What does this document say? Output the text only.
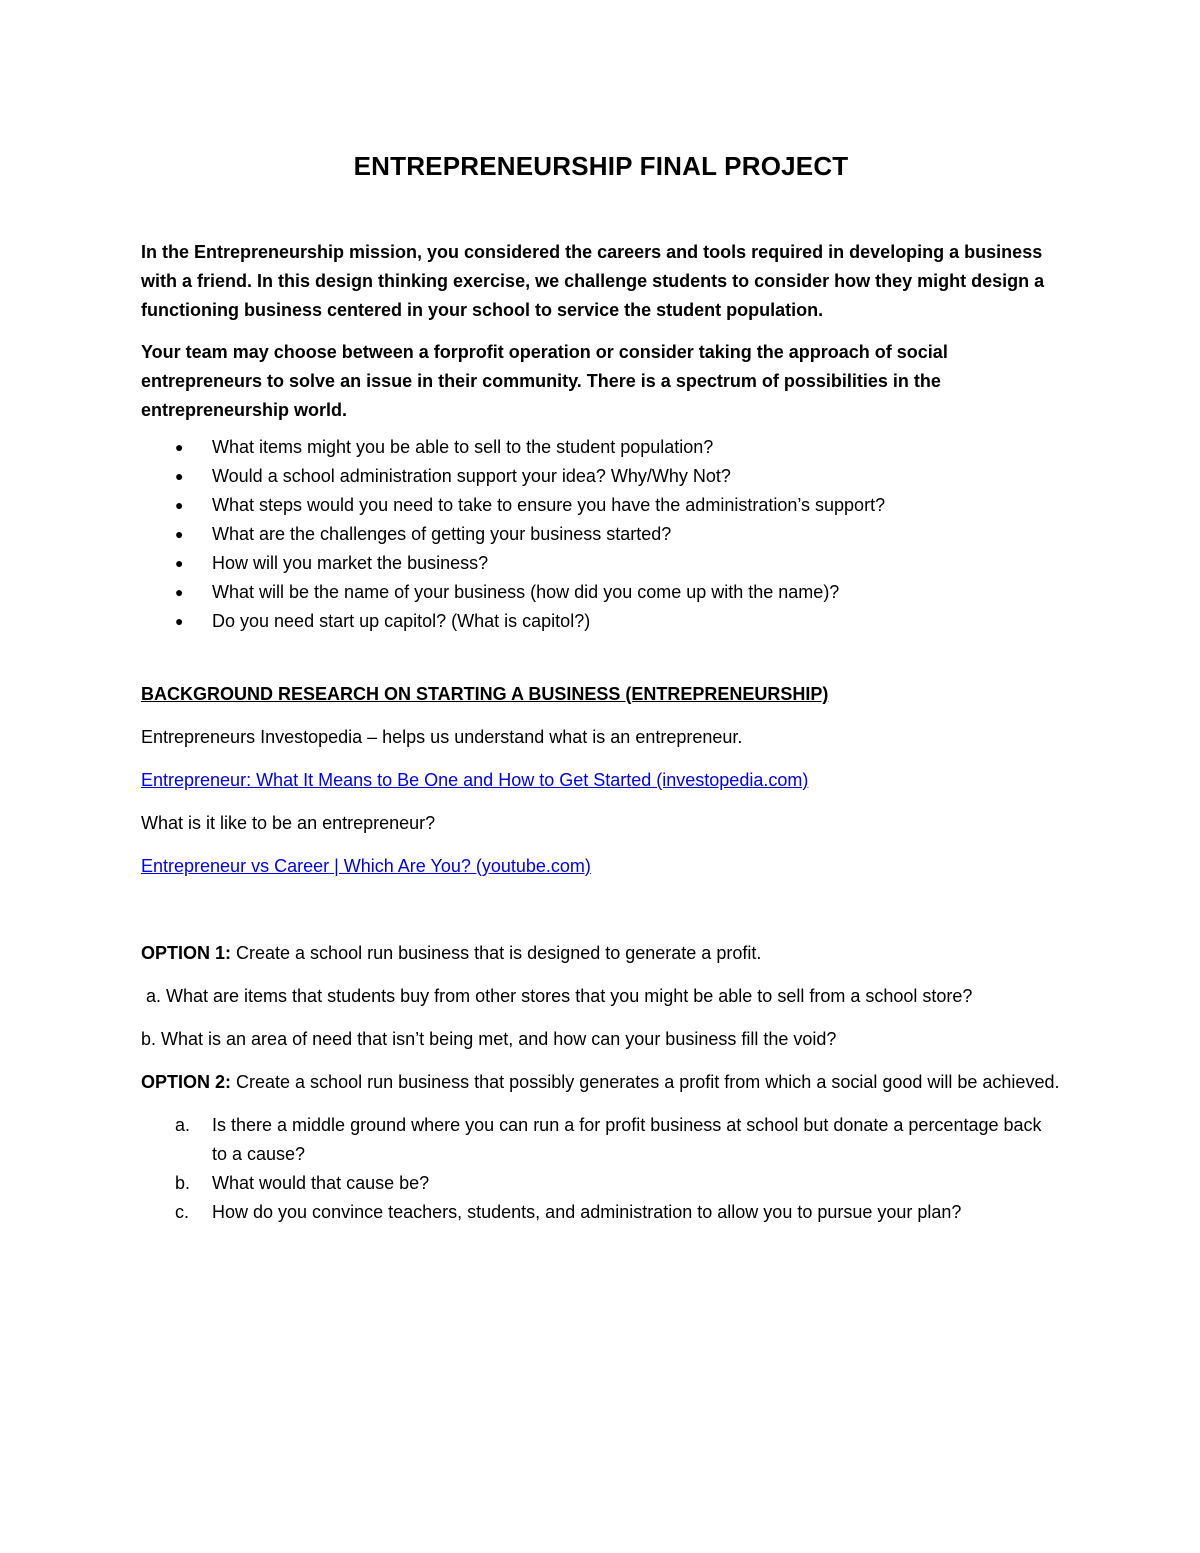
ENTREPRENEURSHIP FINAL PROJECT

In the Entrepreneurship mission, you considered the careers and tools required in developing a business with a friend. In this design thinking exercise, we challenge students to consider how they might design a functioning business centered in your school to service the student population.

Your team may choose between a forprofit operation or consider taking the approach of social entrepreneurs to solve an issue in their community. There is a spectrum of possibilities in the entrepreneurship world.

● What items might you be able to sell to the student population?
● Would a school administration support your idea? Why/Why Not?
● What steps would you need to take to ensure you have the administration’s support?
● What are the challenges of getting your business started?
● How will you market the business?
● What will be the name of your business (how did you come up with the name)?
● Do you need start up capitol? (What is capitol?)

BACKGROUND RESEARCH ON STARTING A BUSINESS (ENTREPRENEURSHIP)

Entrepreneurs Investopedia – helps us understand what is an entrepreneur.

Entrepreneur: What It Means to Be One and How to Get Started (investopedia.com)

What is it like to be an entrepreneur?

Entrepreneur vs Career | Which Are You? (youtube.com)

OPTION 1: Create a school run business that is designed to generate a profit.

a. What are items that students buy from other stores that you might be able to sell from a school store?

b. What is an area of need that isn’t being met, and how can your business fill the void?

OPTION 2: Create a school run business that possibly generates a profit from which a social good will be achieved.

a. Is there a middle ground where you can run a for profit business at school but donate a percentage back to a cause?
b. What would that cause be?
c. How do you convince teachers, students, and administration to allow you to pursue your plan?
